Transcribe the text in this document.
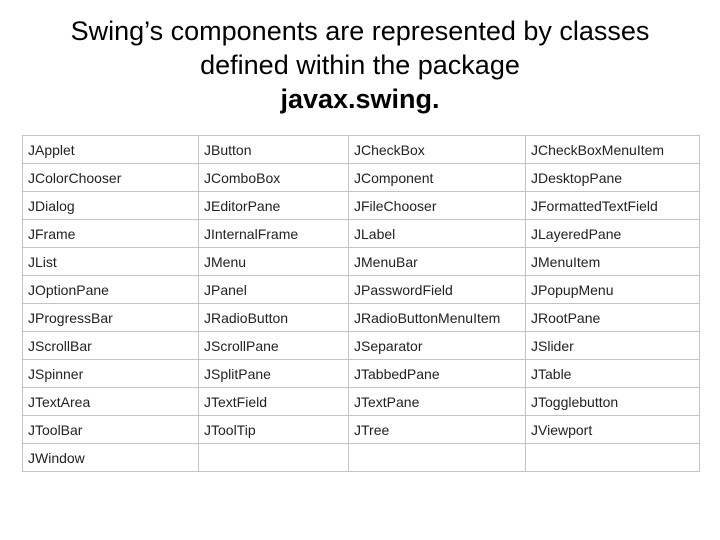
Swing’s components are represented by classes
defined within the package
javax.swing.
JApplet	JButton	JCheckBox	JCheckBoxMenuItem
JColorChooser	JComboBox	JComponent	JDesktopPane
JDialog	JEditorPane	JFileChooser	JFormattedTextField
JFrame	JInternalFrame	JLabel	JLayeredPane
JList	JMenu	JMenuBar	JMenuItem
JOptionPane	JPanel	JPasswordField	JPopupMenu
JProgressBar	JRadioButton	JRadioButtonMenuItem	JRootPane
JScrollBar	JScrollPane	JSeparator	JSlider
JSpinner	JSplitPane	JTabbedPane	JTable
JTextArea	JTextField	JTextPane	JTogglebutton
JToolBar	JToolTip	JTree	JViewport
JWindow			
